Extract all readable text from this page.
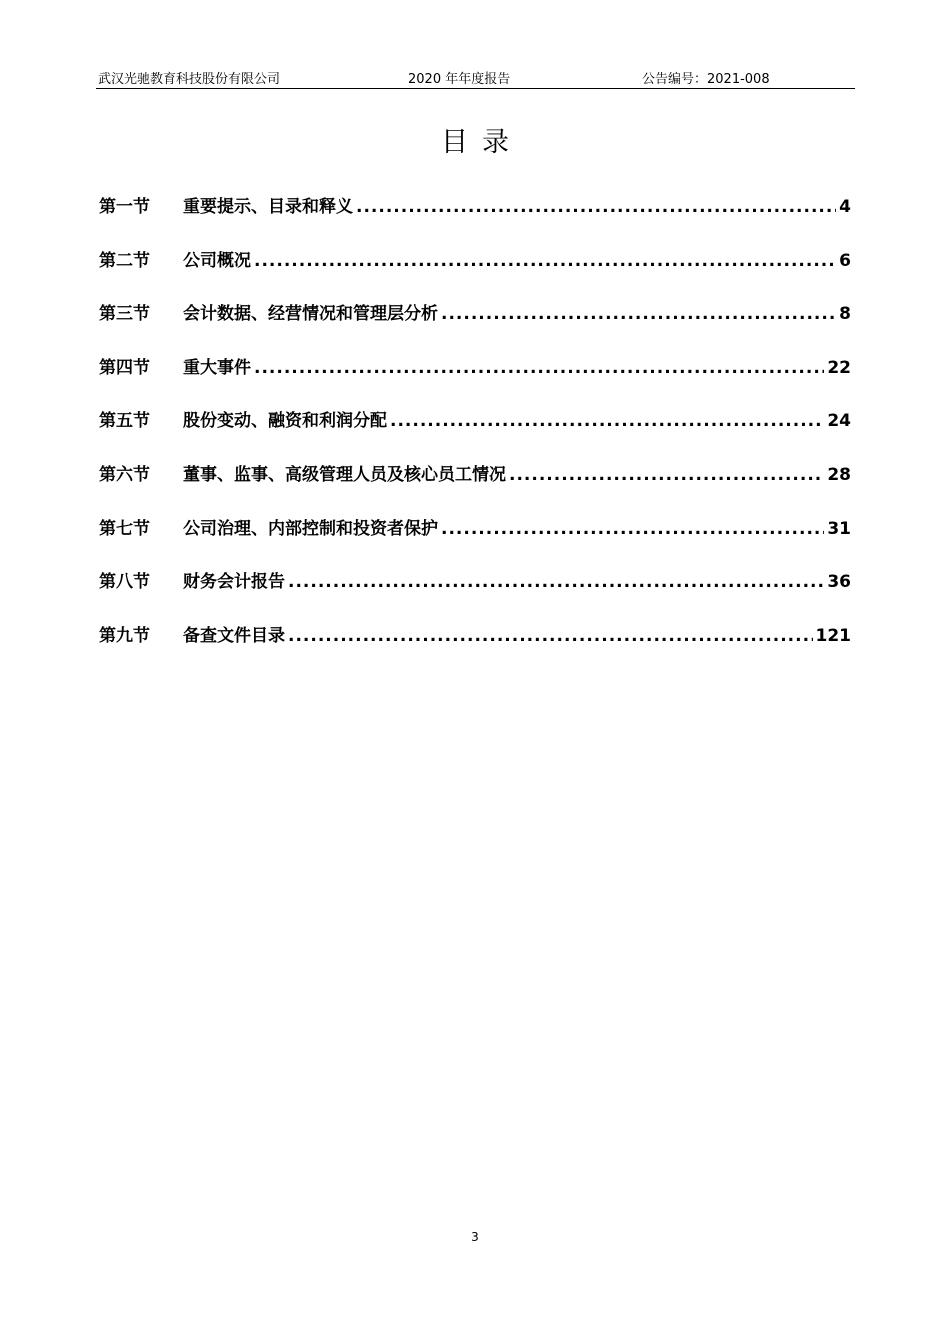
武汉光驰教育科技股份有限公司	2020 年年度报告	公告编号：2021-008
目录
第一节	重要提示、目录和释义 .....	4
第二节	公司概况 .....	6
第三节	会计数据、经营情况和管理层分析 .....	8
第四节	重大事件 .....	22
第五节	股份变动、融资和利润分配 .....	24
第六节	董事、监事、高级管理人员及核心员工情况 .....	28
第七节	公司治理、内部控制和投资者保护 .....	31
第八节	财务会计报告 .....	36
第九节	备查文件目录 .....	121
3
